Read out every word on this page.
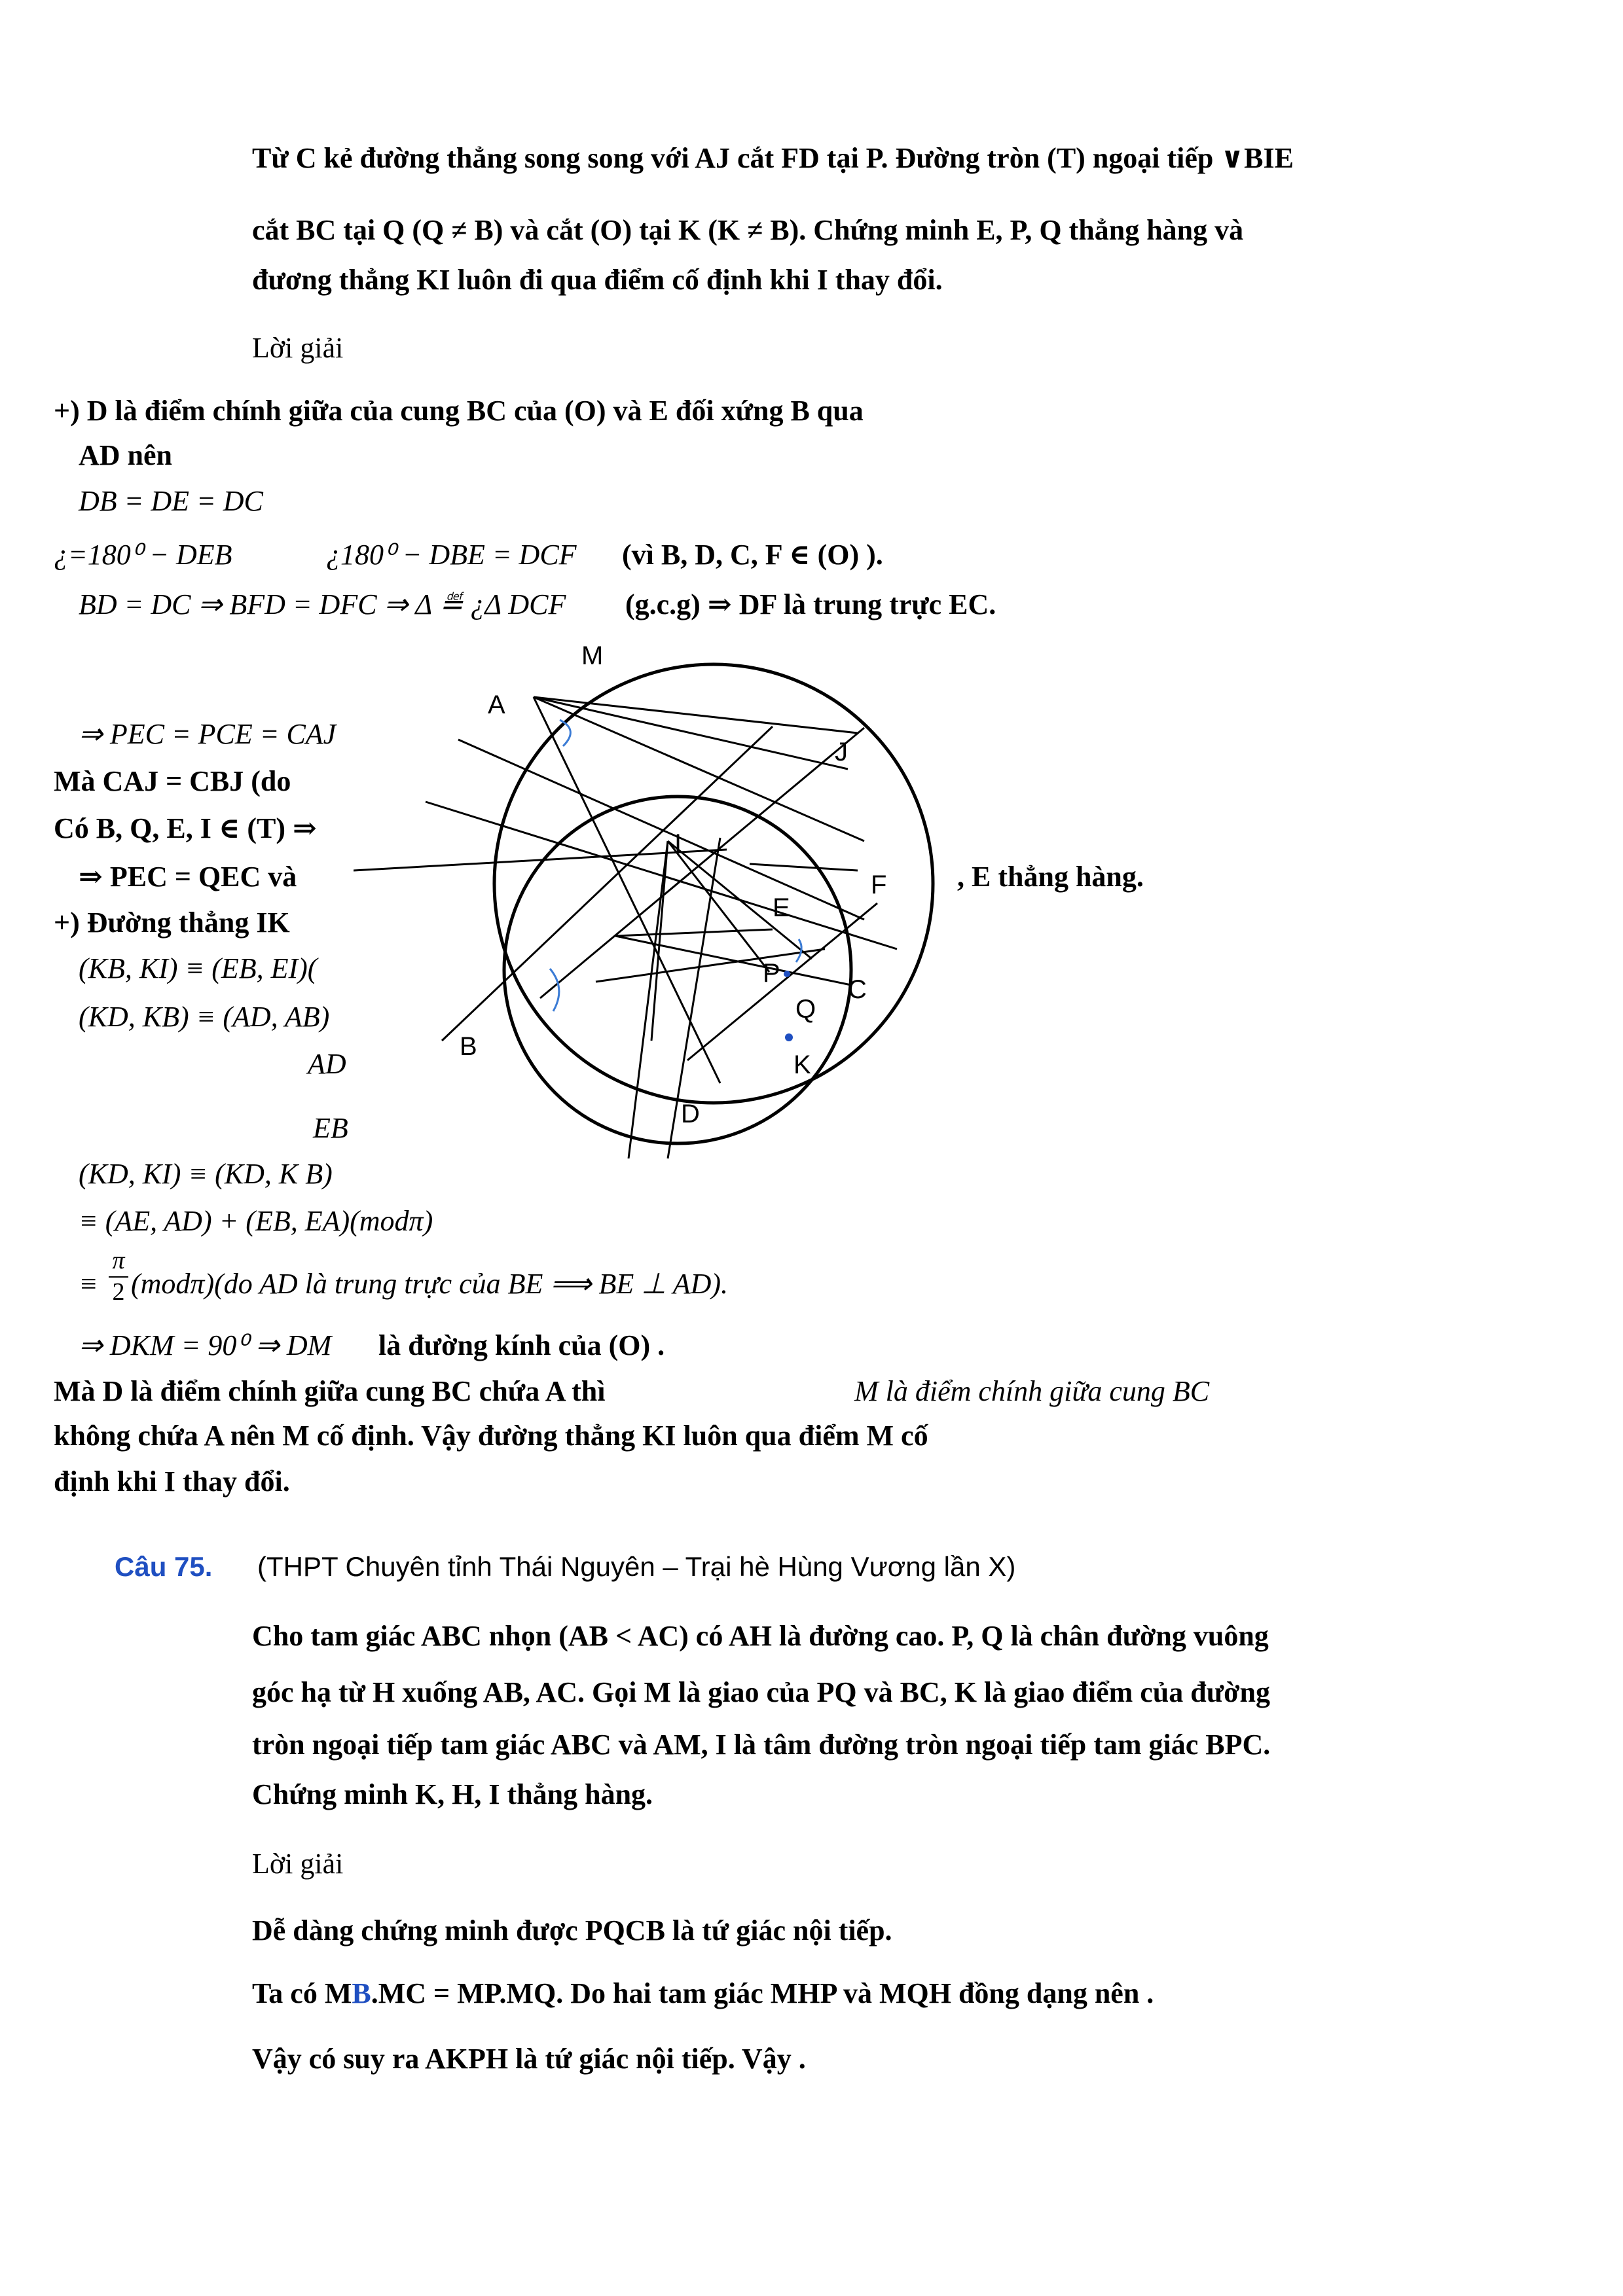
Từ C kẻ đường thẳng song song với AJ cắt FD tại P. Đường tròn (T) ngoại tiếp ∨BIE
cắt BC tại Q (Q ≠ B) và cắt (O) tại K (K ≠ B). Chứng minh E, P, Q thẳng hàng và
đương thẳng KI luôn đi qua điểm cố định khi I thay đổi.
Lời giải
+) D là điểm chính giữa của cung BC của (O) và E đối xứng B qua
AD nên
DB = DE = DC
¿=180⁰ − DEB	¿180⁰ − DBE = DCF (vì B, D, C, F ∈ (O) ).
BD = DC ⇒ BFD = DFC ⇒ Δ ≝ ¿Δ DCF (g.c.g) ⇒ DF là trung trực EC.
⇒ PEC = PCE = CAJ
Mà CAJ = CBJ (do
Có B, Q, E, I ∈ (T) ⇒
⇒ PEC = QEC và	, E thẳng hàng.
+) Đường thẳng IK
(KB, KI) ≡ (EB, EI)(
(KD, KB) ≡ (AD, AB)
AD
EB
(KD, KI) ≡ (KD, K B)
≡ (AE, AD) + (EB, EA)(modπ)
≡
π
2 (modπ)(do AD là trung trực của BE ⟹ BE ⊥ AD).
⇒ DKM = 90⁰ ⇒ DM là đường kính của (O) .
Mà D là điểm chính giữa cung BC chứa A thì	M là điểm chính giữa cung BC
không chứa A nên M cố định. Vậy đường thẳng KI luôn qua điểm M cố
định khi I thay đổi.
M
A
J
I
E
F
P
C
Q
K
B
D
Câu 75. (THPT Chuyên tỉnh Thái Nguyên – Trại hè Hùng Vương lần X)
Cho tam giác ABC nhọn (AB < AC) có AH là đường cao. P, Q là chân đường vuông
góc hạ từ H xuống AB, AC. Gọi M là giao của PQ và BC, K là giao điểm của đường
tròn ngoại tiếp tam giác ABC và AM, I là tâm đường tròn ngoại tiếp tam giác BPC.
Chứng minh K, H, I thẳng hàng.
Lời giải
Dễ dàng chứng minh được PQCB là tứ giác nội tiếp.
Ta có MB.MC = MP.MQ. Do hai tam giác MHP và MQH đồng dạng nên .
Vậy có suy ra AKPH là tứ giác nội tiếp. Vậy .
